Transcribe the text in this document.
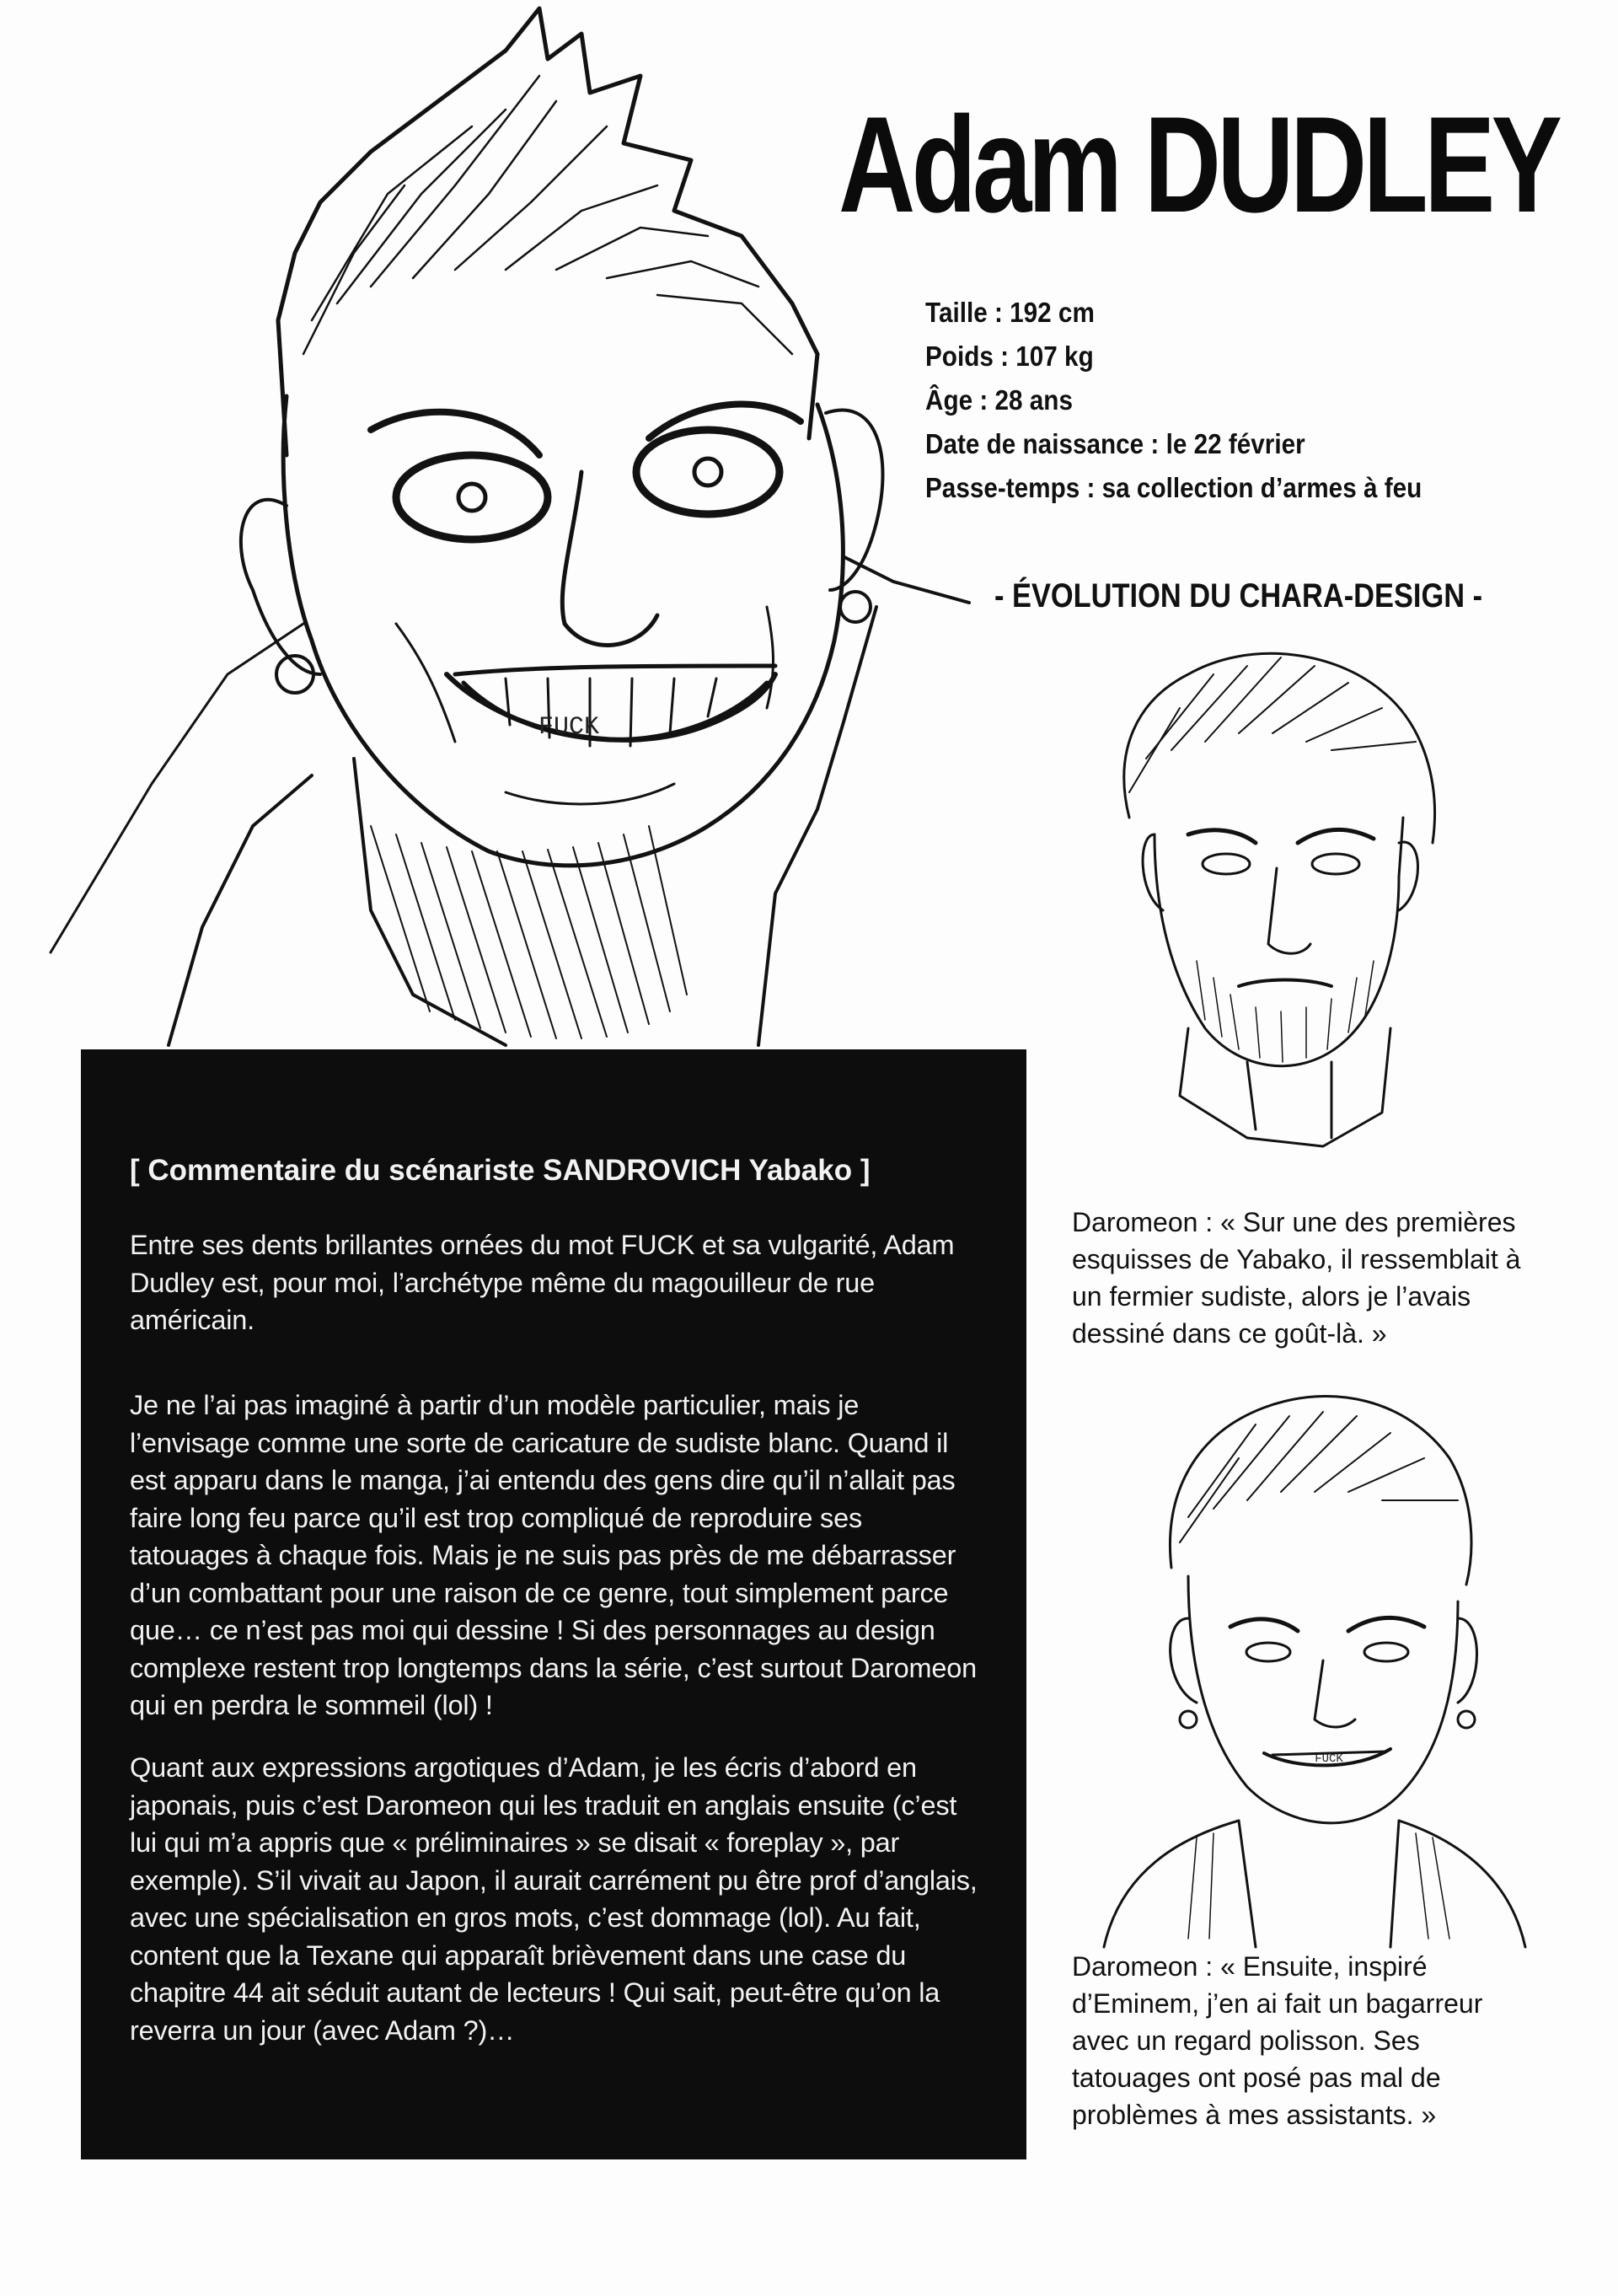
FUCK
Adam DUDLEY
Taille : 192 cm
Poids : 107 kg
Âge : 28 ans
Date de naissance : le 22 février
Passe-temps : sa collection d’armes à feu
- ÉVOLUTION DU CHARA-DESIGN -
FUCK
[ Commentaire du scénariste SANDROVICH Yabako ]

Entre ses dents brillantes ornées du mot FUCK et sa vulgarité, Adam Dudley est, pour moi, l’archétype même du magouilleur de rue américain.

Je ne l’ai pas imaginé à partir d’un modèle particulier, mais je l’envisage comme une sorte de caricature de sudiste blanc. Quand il est apparu dans le manga, j’ai entendu des gens dire qu’il n’allait pas faire long feu parce qu’il est trop compliqué de reproduire ses tatouages à chaque fois. Mais je ne suis pas près de me débarrasser d’un combattant pour une raison de ce genre, tout simplement parce que… ce n’est pas moi qui dessine ! Si des personnages au design complexe restent trop longtemps dans la série, c’est surtout Daromeon qui en perdra le sommeil (lol) !

Quant aux expressions argotiques d’Adam, je les écris d’abord en japonais, puis c’est Daromeon qui les traduit en anglais ensuite (c’est lui qui m’a appris que « préliminaires » se disait « foreplay », par exemple). S’il vivait au Japon, il aurait carrément pu être prof d’anglais, avec une spécialisation en gros mots, c’est dommage (lol). Au fait, content que la Texane qui apparaît brièvement dans une case du chapitre 44 ait séduit autant de lecteurs ! Qui sait, peut-être qu’on la reverra un jour (avec Adam ?)…

Daromeon : « Sur une des premières esquisses de Yabako, il ressemblait à un fermier sudiste, alors je l’avais dessiné dans ce goût-là. »

Daromeon : « Ensuite, inspiré d’Eminem, j’en ai fait un bagarreur avec un regard polisson. Ses tatouages ont posé pas mal de problèmes à mes assistants. »
